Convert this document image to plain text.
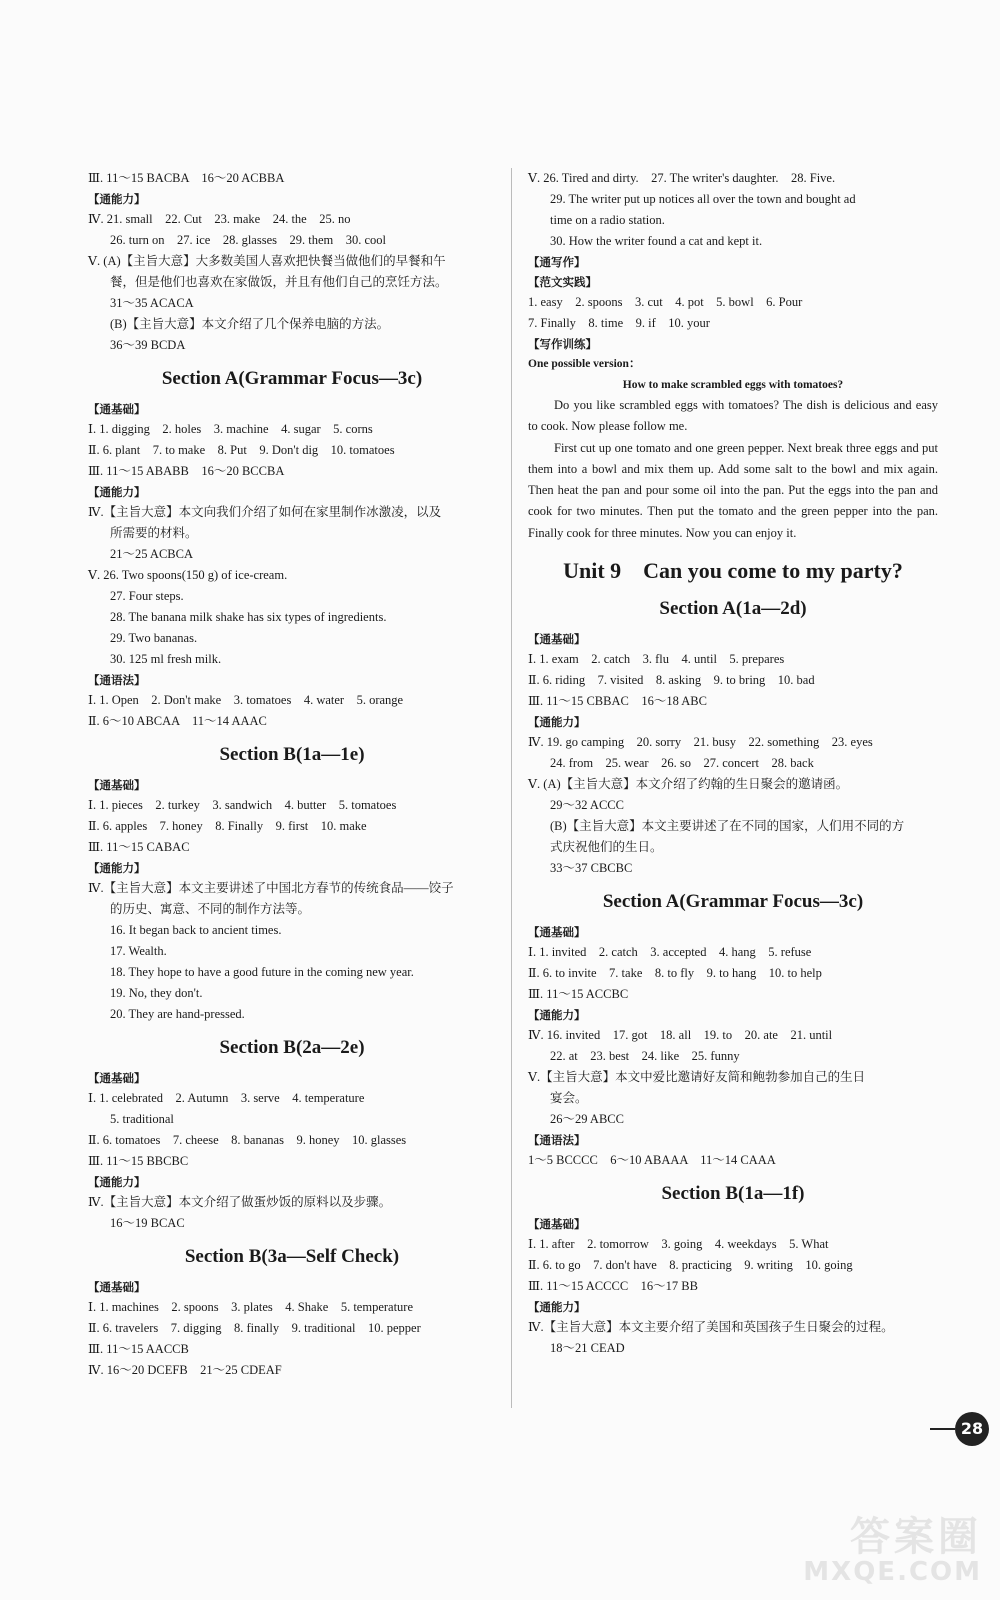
Ⅲ. 11～15 BACBA　16～20 ACBBA
【通能力】
Ⅳ. 21. small　22. Cut　23. make　24. the　25. no
26. turn on　27. ice　28. glasses　29. them　30. cool
Ⅴ. (A)【主旨大意】大多数美国人喜欢把快餐当做他们的早餐和午
餐，但是他们也喜欢在家做饭，并且有他们自己的烹饪方法。
31～35 ACACA
(B)【主旨大意】本文介绍了几个保养电脑的方法。
36～39 BCDA
Section A(Grammar Focus—3c)
【通基础】
Ⅰ. 1. digging　2. holes　3. machine　4. sugar　5. corns
Ⅱ. 6. plant　7. to make　8. Put　9. Don't dig　10. tomatoes
Ⅲ. 11～15 ABABB　16～20 BCCBA
【通能力】
Ⅳ.【主旨大意】本文向我们介绍了如何在家里制作冰激凌，以及
所需要的材料。
21～25 ACBCA
Ⅴ. 26. Two spoons(150 g) of ice-cream.
27. Four steps.
28. The banana milk shake has six types of ingredients.
29. Two bananas.
30. 125 ml fresh milk.
【通语法】
Ⅰ. 1. Open　2. Don't make　3. tomatoes　4. water　5. orange
Ⅱ. 6～10 ABCAA　11～14 AAAC
Section B(1a—1e)
【通基础】
Ⅰ. 1. pieces　2. turkey　3. sandwich　4. butter　5. tomatoes
Ⅱ. 6. apples　7. honey　8. Finally　9. first　10. make
Ⅲ. 11～15 CABAC
【通能力】
Ⅳ.【主旨大意】本文主要讲述了中国北方春节的传统食品——饺子
的历史、寓意、不同的制作方法等。
16. It began back to ancient times.
17. Wealth.
18. They hope to have a good future in the coming new year.
19. No, they don't.
20. They are hand-pressed.
Section B(2a—2e)
【通基础】
Ⅰ. 1. celebrated　2. Autumn　3. serve　4. temperature
5. traditional
Ⅱ. 6. tomatoes　7. cheese　8. bananas　9. honey　10. glasses
Ⅲ. 11～15 BBCBC
【通能力】
Ⅳ.【主旨大意】本文介绍了做蛋炒饭的原料以及步骤。
16～19 BCAC
Section B(3a—Self Check)
【通基础】
Ⅰ. 1. machines　2. spoons　3. plates　4. Shake　5. temperature
Ⅱ. 6. travelers　7. digging　8. finally　9. traditional　10. pepper
Ⅲ. 11～15 AACCB
Ⅳ. 16～20 DCEFB　21～25 CDEAF
Ⅴ. 26. Tired and dirty.　27. The writer's daughter.　28. Five.
29. The writer put up notices all over the town and bought ad
time on a radio station.
30. How the writer found a cat and kept it.
【通写作】
【范文实践】
1. easy　2. spoons　3. cut　4. pot　5. bowl　6. Pour
7. Finally　8. time　9. if　10. your
【写作训练】
One possible version：
How to make scrambled eggs with tomatoes?
Do you like scrambled eggs with tomatoes? The dish is delicious and easy to cook. Now please follow me.
First cut up one tomato and one green pepper. Next break three eggs and put them into a bowl and mix them up. Add some salt to the bowl and mix again. Then heat the pan and pour some oil into the pan. Put the eggs into the pan and cook for two minutes. Then put the tomato and the green pepper into the pan. Finally cook for three minutes. Now you can enjoy it.
Unit 9　Can you come to my party?
Section A(1a—2d)
【通基础】
Ⅰ. 1. exam　2. catch　3. flu　4. until　5. prepares
Ⅱ. 6. riding　7. visited　8. asking　9. to bring　10. bad
Ⅲ. 11～15 CBBAC　16～18 ABC
【通能力】
Ⅳ. 19. go camping　20. sorry　21. busy　22. something　23. eyes
24. from　25. wear　26. so　27. concert　28. back
Ⅴ. (A)【主旨大意】本文介绍了约翰的生日聚会的邀请函。
29～32 ACCC
(B)【主旨大意】本文主要讲述了在不同的国家，人们用不同的方
式庆祝他们的生日。
33～37 CBCBC
Section A(Grammar Focus—3c)
【通基础】
Ⅰ. 1. invited　2. catch　3. accepted　4. hang　5. refuse
Ⅱ. 6. to invite　7. take　8. to fly　9. to hang　10. to help
Ⅲ. 11～15 ACCBC
【通能力】
Ⅳ. 16. invited　17. got　18. all　19. to　20. ate　21. until
22. at　23. best　24. like　25. funny
Ⅴ.【主旨大意】本文中爱比邀请好友简和鲍勃参加自己的生日
宴会。
26～29 ABCC
【通语法】
1～5 BCCCC　6～10 ABAAA　11～14 CAAA
Section B(1a—1f)
【通基础】
Ⅰ. 1. after　2. tomorrow　3. going　4. weekdays　5. What
Ⅱ. 6. to go　7. don't have　8. practicing　9. writing　10. going
Ⅲ. 11～15 ACCCC　16～17 BB
【通能力】
Ⅳ.【主旨大意】本文主要介绍了美国和英国孩子生日聚会的过程。
18～21 CEAD
28
答案圈
MXQE.COM
